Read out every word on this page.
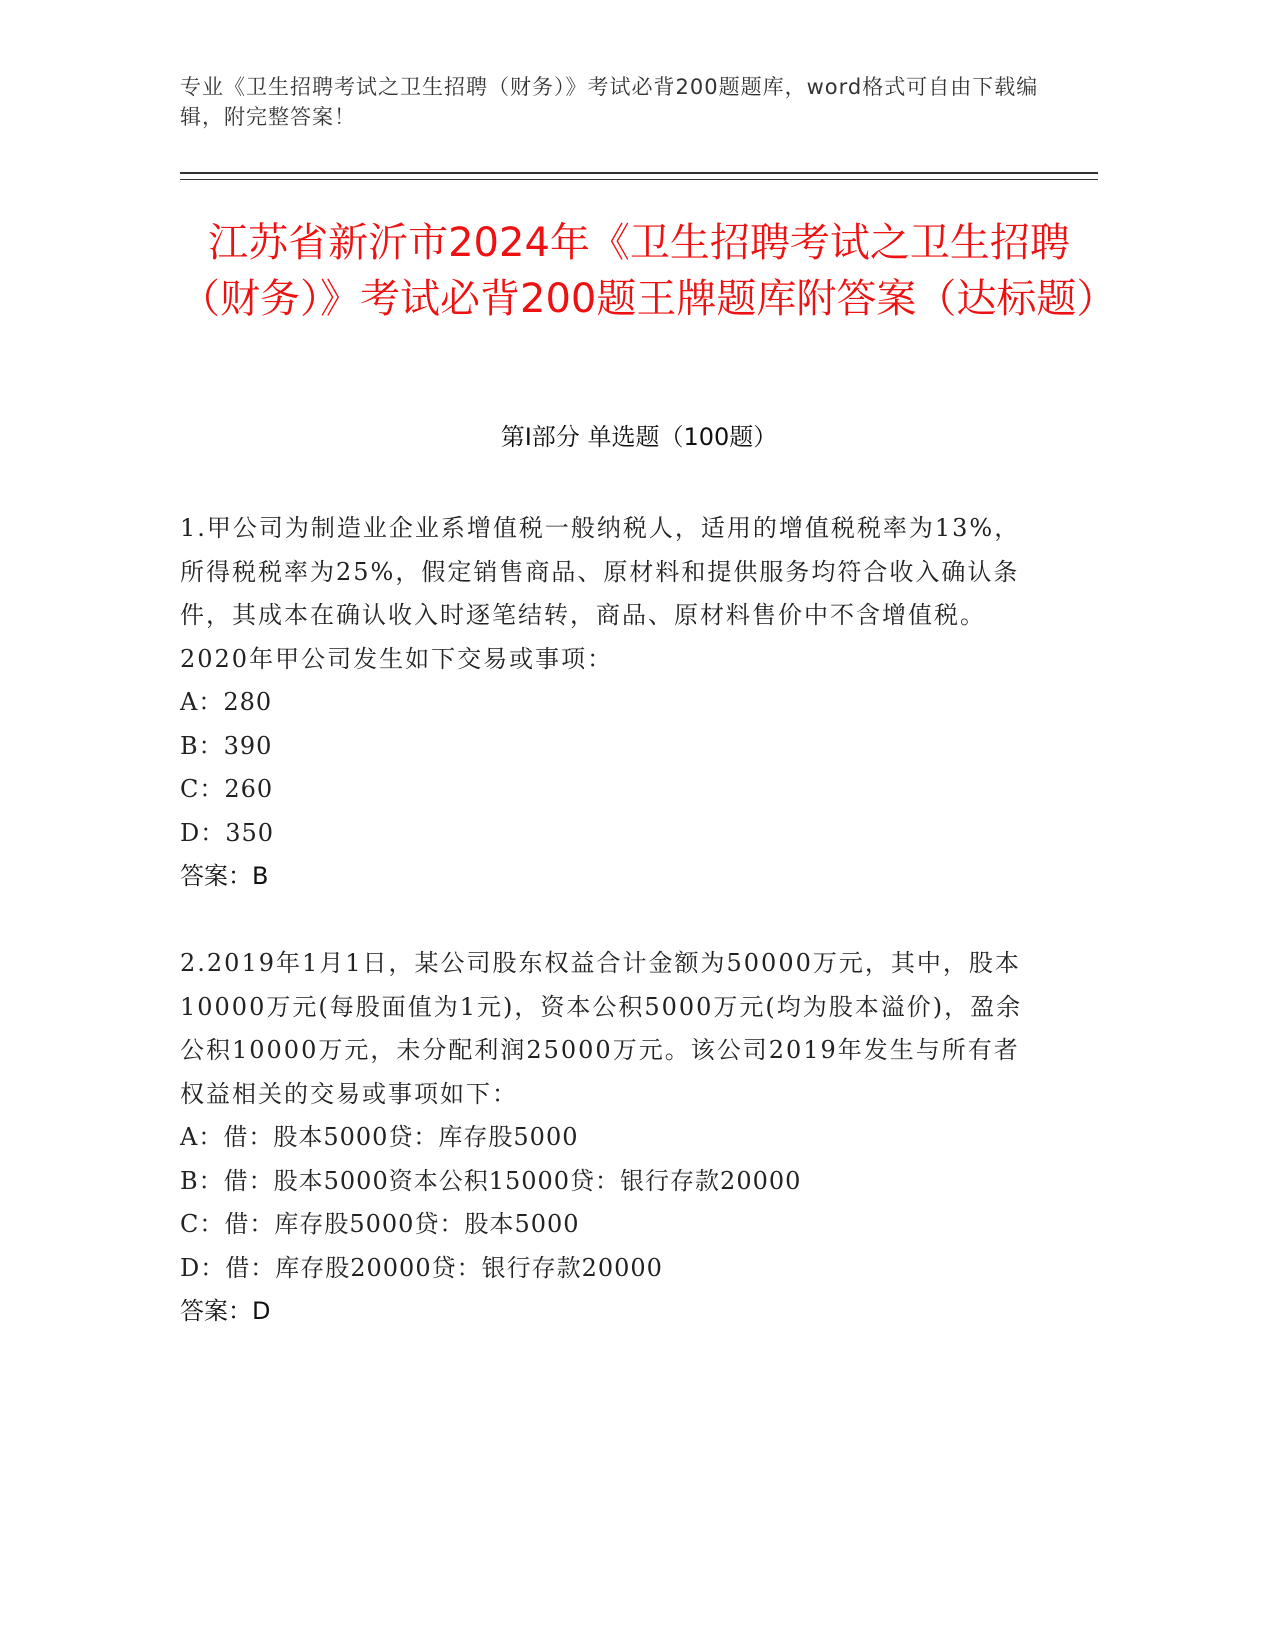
专业《卫生招聘考试之卫生招聘（财务）》考试必背200题题库，word格式可自由下载编辑，附完整答案！
江苏省新沂市2024年《卫生招聘考试之卫生招聘（财务）》考试必背200题王牌题库附答案（达标题）
第I部分 单选题（100题）
1.甲公司为制造业企业系增值税一般纳税人，适用的增值税税率为13%，所得税税率为25%，假定销售商品、原材料和提供服务均符合收入确认条件，其成本在确认收入时逐笔结转，商品、原材料售价中不含增值税。2020年甲公司发生如下交易或事项：
A：280
B：390
C：260
D：350
答案：B
2.2019年1月1日，某公司股东权益合计金额为50000万元，其中，股本10000万元(每股面值为1元)，资本公积5000万元(均为股本溢价)，盈余公积10000万元，未分配利润25000万元。该公司2019年发生与所有者权益相关的交易或事项如下：
A：借：股本5000贷：库存股5000
B：借：股本5000资本公积15000贷：银行存款20000
C：借：库存股5000贷：股本5000
D：借：库存股20000贷：银行存款20000
答案：D
